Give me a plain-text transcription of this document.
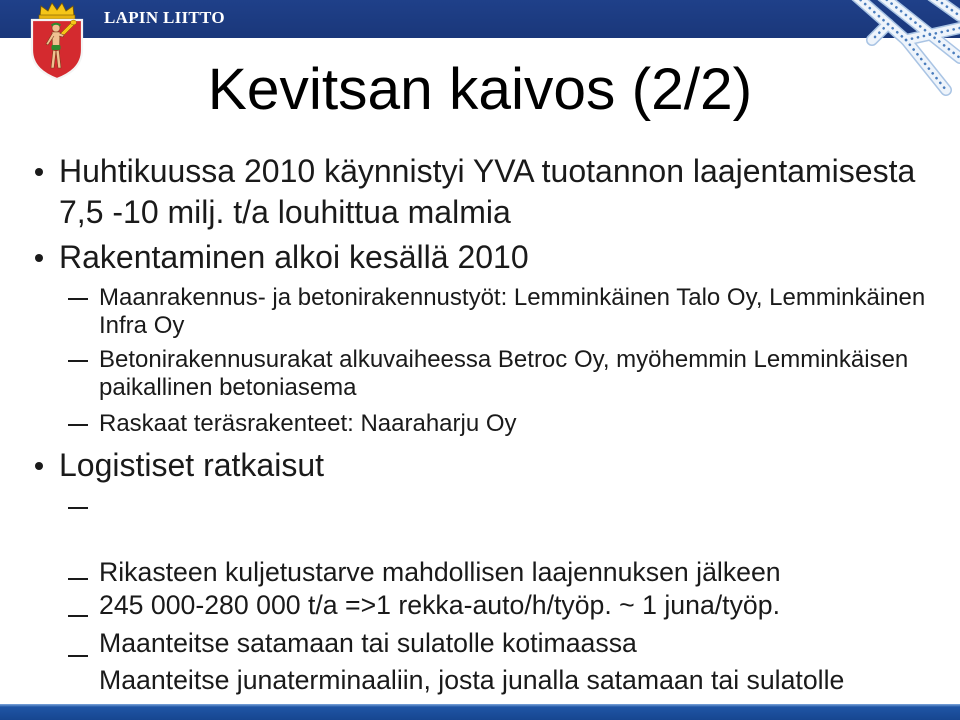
LAPIN LIITTO
Kevitsan kaivos (2/2)
Huhtikuussa 2010 käynnistyi YVA tuotannon laajentamisesta 7,5 -10 milj. t/a louhittua malmia
Rakentaminen alkoi kesällä 2010
Maanrakennus- ja betonirakennustyöt: Lemminkäinen Talo Oy, Lemminkäinen Infra Oy
Betonirakennusurakat alkuvaiheessa Betroc Oy, myöhemmin Lemminkäisen paikallinen betoniasema
Raskaat teräsrakenteet: Naaraharju Oy
Logistiset ratkaisut

Rikasteen kuljetustarve mahdollisen laajennuksen jälkeen
245 000-280 000 t/a =>1 rekka-auto/h/työp. ~ 1 juna/työp.

Maanteitse satamaan tai sulatolle kotimaassa

Maanteitse junaterminaaliin, josta junalla satamaan tai sulatolle
